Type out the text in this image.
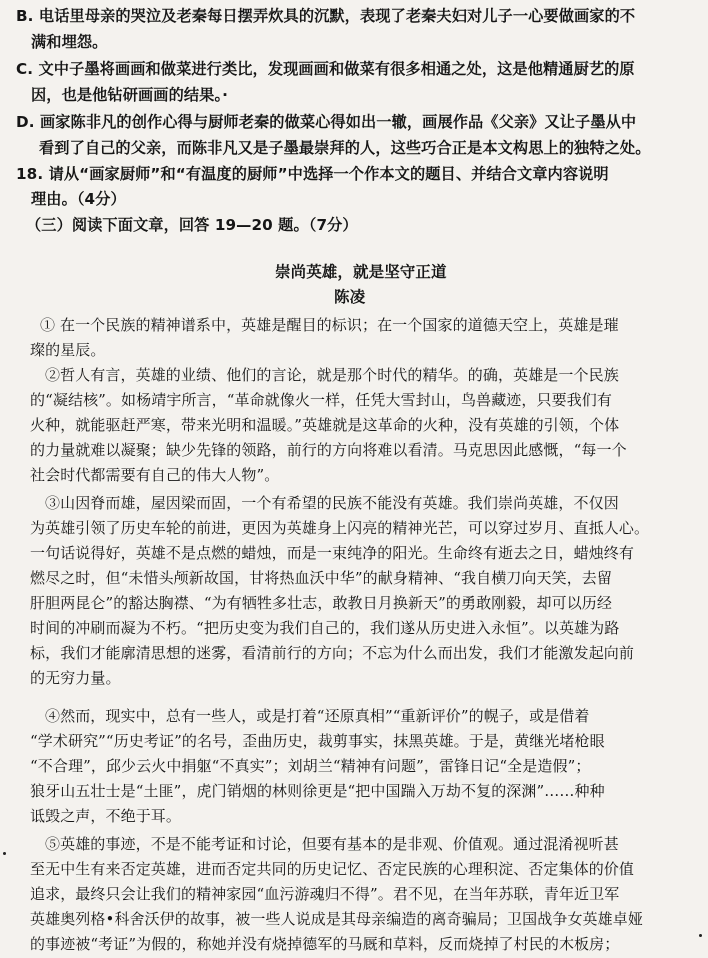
B. 电话里母亲的哭泣及老秦每日摆弄炊具的沉默，表现了老秦夫妇对儿子一心要做画家的不
满和埋怨。
C. 文中子墨将画画和做菜进行类比，发现画画和做菜有很多相通之处，这是他精通厨艺的原
因，也是他钻研画画的结果。·
D. 画家陈非凡的创作心得与厨师老秦的做菜心得如出一辙，画展作品《父亲》又让子墨从中
看到了自己的父亲，而陈非凡又是子墨最崇拜的人，这些巧合正是本文构思上的独特之处。
18. 请从“画家厨师”和“有温度的厨师”中选择一个作本文的题目、并结合文章内容说明
理由。（4分）
（三）阅读下面文章，回答 19—20 题。（7分）
崇尚英雄，就是坚守正道
陈凌
① 在一个民族的精神谱系中，英雄是醒目的标识；在一个国家的道德天空上，英雄是璀
璨的星辰。
②哲人有言，英雄的业绩、他们的言论，就是那个时代的精华。的确，英雄是一个民族
的“凝结核”。如杨靖宇所言，“革命就像火一样，任凭大雪封山，鸟兽藏迹，只要我们有
火种，就能驱赶严寒，带来光明和温暖。”英雄就是这革命的火种，没有英雄的引领，个体
的力量就难以凝聚；缺少先锋的领路，前行的方向将难以看清。马克思因此感慨，“每一个
社会时代都需要有自己的伟大人物”。
③山因脊而雄，屋因梁而固，一个有希望的民族不能没有英雄。我们崇尚英雄，不仅因
为英雄引领了历史车轮的前进，更因为英雄身上闪亮的精神光芒，可以穿过岁月、直抵人心。
一句话说得好，英雄不是点燃的蜡烛，而是一束纯净的阳光。生命终有逝去之日，蜡烛终有
燃尽之时，但“未惜头颅新故国，甘将热血沃中华”的献身精神、“我自横刀向天笑，去留
肝胆两昆仑”的豁达胸襟、“为有牺牲多壮志，敢教日月换新天”的勇敢刚毅，却可以历经
时间的冲刷而凝为不朽。“把历史变为我们自己的，我们遂从历史进入永恒”。以英雄为路
标，我们才能廓清思想的迷雾，看清前行的方向；不忘为什么而出发，我们才能激发起向前
的无穷力量。
④然而，现实中，总有一些人，或是打着“还原真相”“重新评价”的幌子，或是借着
“学术研究”“历史考证”的名号，歪曲历史，裁剪事实，抹黑英雄。于是，黄继光堵枪眼
“不合理”，邱少云火中捐躯“不真实”；刘胡兰“精神有问题”，雷锋日记“全是造假”；
狼牙山五壮士是“土匪”，虎门销烟的林则徐更是“把中国踹入万劫不复的深渊”……种种
诋毁之声，不绝于耳。
⑤英雄的事迹，不是不能考证和讨论，但要有基本的是非观、价值观。通过混淆视听甚
至无中生有来否定英雄，进而否定共同的历史记忆、否定民族的心理积淀、否定集体的价值
追求，最终只会让我们的精神家园“血污游魂归不得”。君不见，在当年苏联，青年近卫军
英雄奥列格•科舍沃伊的故事，被一些人说成是其母亲编造的离奇骗局；卫国战争女英雄卓娅
的事迹被“考证”为假的，称她并没有烧掉德军的马厩和草料，反而烧掉了村民的木板房；
